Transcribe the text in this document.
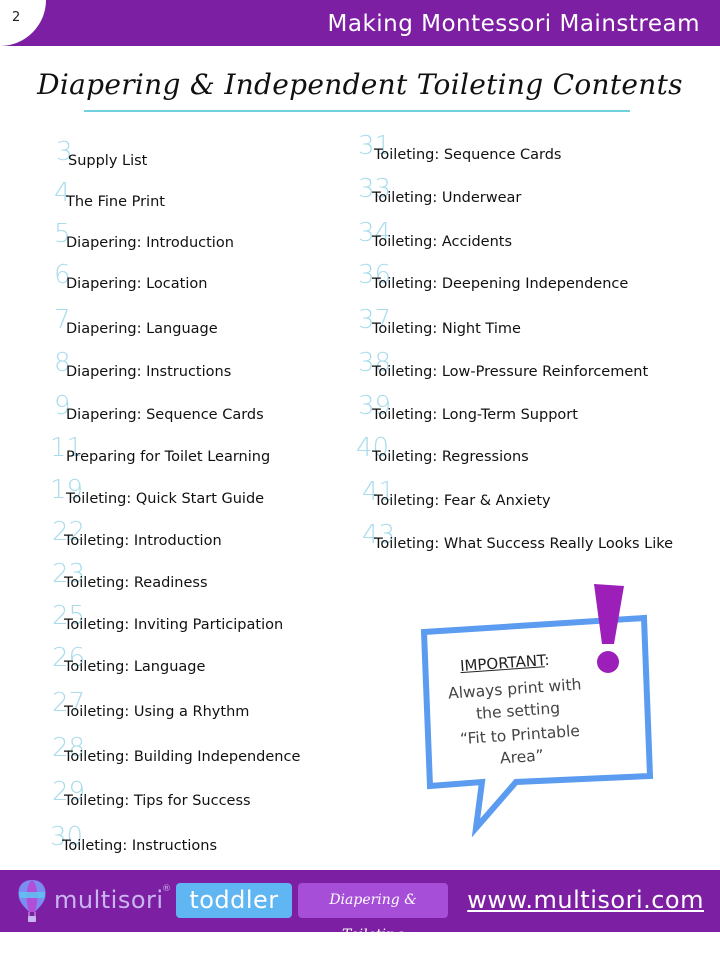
2	Making Montessori Mainstream
Diapering & Independent Toileting Contents
3
Supply List
4
The Fine Print
5
Diapering: Introduction
6
Diapering: Location
7
Diapering: Language
8
Diapering: Instructions
9
Diapering: Sequence Cards
11
Preparing for Toilet Learning
19
Toileting: Quick Start Guide
22
Toileting: Introduction
23
Toileting: Readiness
25
Toileting: Inviting Participation
26
Toileting: Language
27
Toileting: Using a Rhythm
28
Toileting: Building Independence
29
Toileting: Tips for Success
30
Toileting: Instructions
31
Toileting: Sequence Cards
33
Toileting: Underwear
34
Toileting: Accidents
36
Toileting: Deepening Independence
37
Toileting: Night Time
38
Toileting: Low-Pressure Reinforcement
39
Toileting: Long-Term Support
40
Toileting: Regressions
41
Toileting: Fear & Anxiety
43
Toileting: What Success Really Looks Like
IMPORTANT:
Always print with
the setting
“Fit to Printable
Area”
multisori
® toddler	Diapering & Toileting
www.multisori.com
